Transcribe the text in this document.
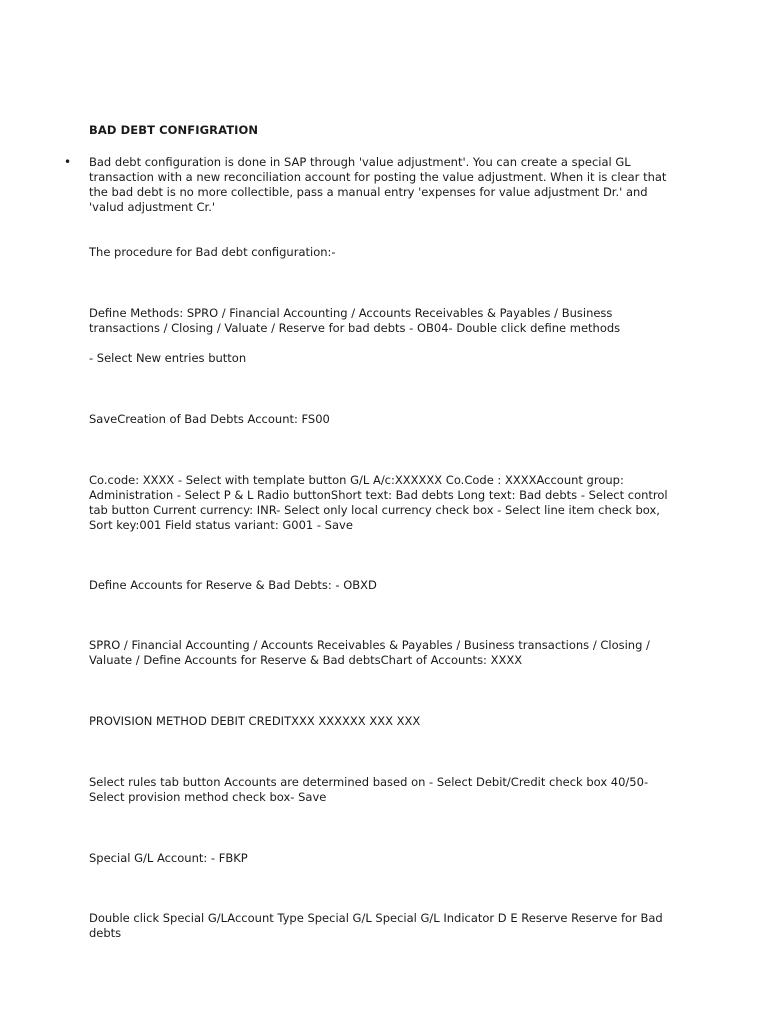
BAD DEBT CONFIGRATION
• Bad debt configuration is done in SAP through 'value adjustment'. You can create a special GL transaction with a new reconciliation account for posting the value adjustment. When it is clear that the bad debt is no more collectible, pass a manual entry 'expenses for value adjustment Dr.' and 'valud adjustment Cr.'
The procedure for Bad debt configuration:-
Define Methods: SPRO / Financial Accounting / Accounts Receivables & Payables / Business transactions / Closing / Valuate / Reserve for bad debts - OB04- Double click define methods
- Select New entries button
SaveCreation of Bad Debts Account: FS00
Co.code: XXXX - Select with template button G/L A/c:XXXXXX Co.Code : XXXXAccount group: Administration - Select P & L Radio buttonShort text: Bad debts Long text: Bad debts - Select control tab button Current currency: INR- Select only local currency check box - Select line item check box, Sort key:001 Field status variant: G001 - Save
Define Accounts for Reserve & Bad Debts: - OBXD
SPRO / Financial Accounting / Accounts Receivables & Payables / Business transactions / Closing / Valuate / Define Accounts for Reserve & Bad debtsChart of Accounts: XXXX
PROVISION METHOD DEBIT CREDITXXX XXXXXX XXX XXX
Select rules tab button Accounts are determined based on - Select Debit/Credit check box 40/50- Select provision method check box- Save
Special G/L Account: - FBKP
Double click Special G/LAccount Type Special G/L Special G/L Indicator D E Reserve Reserve for Bad debts
